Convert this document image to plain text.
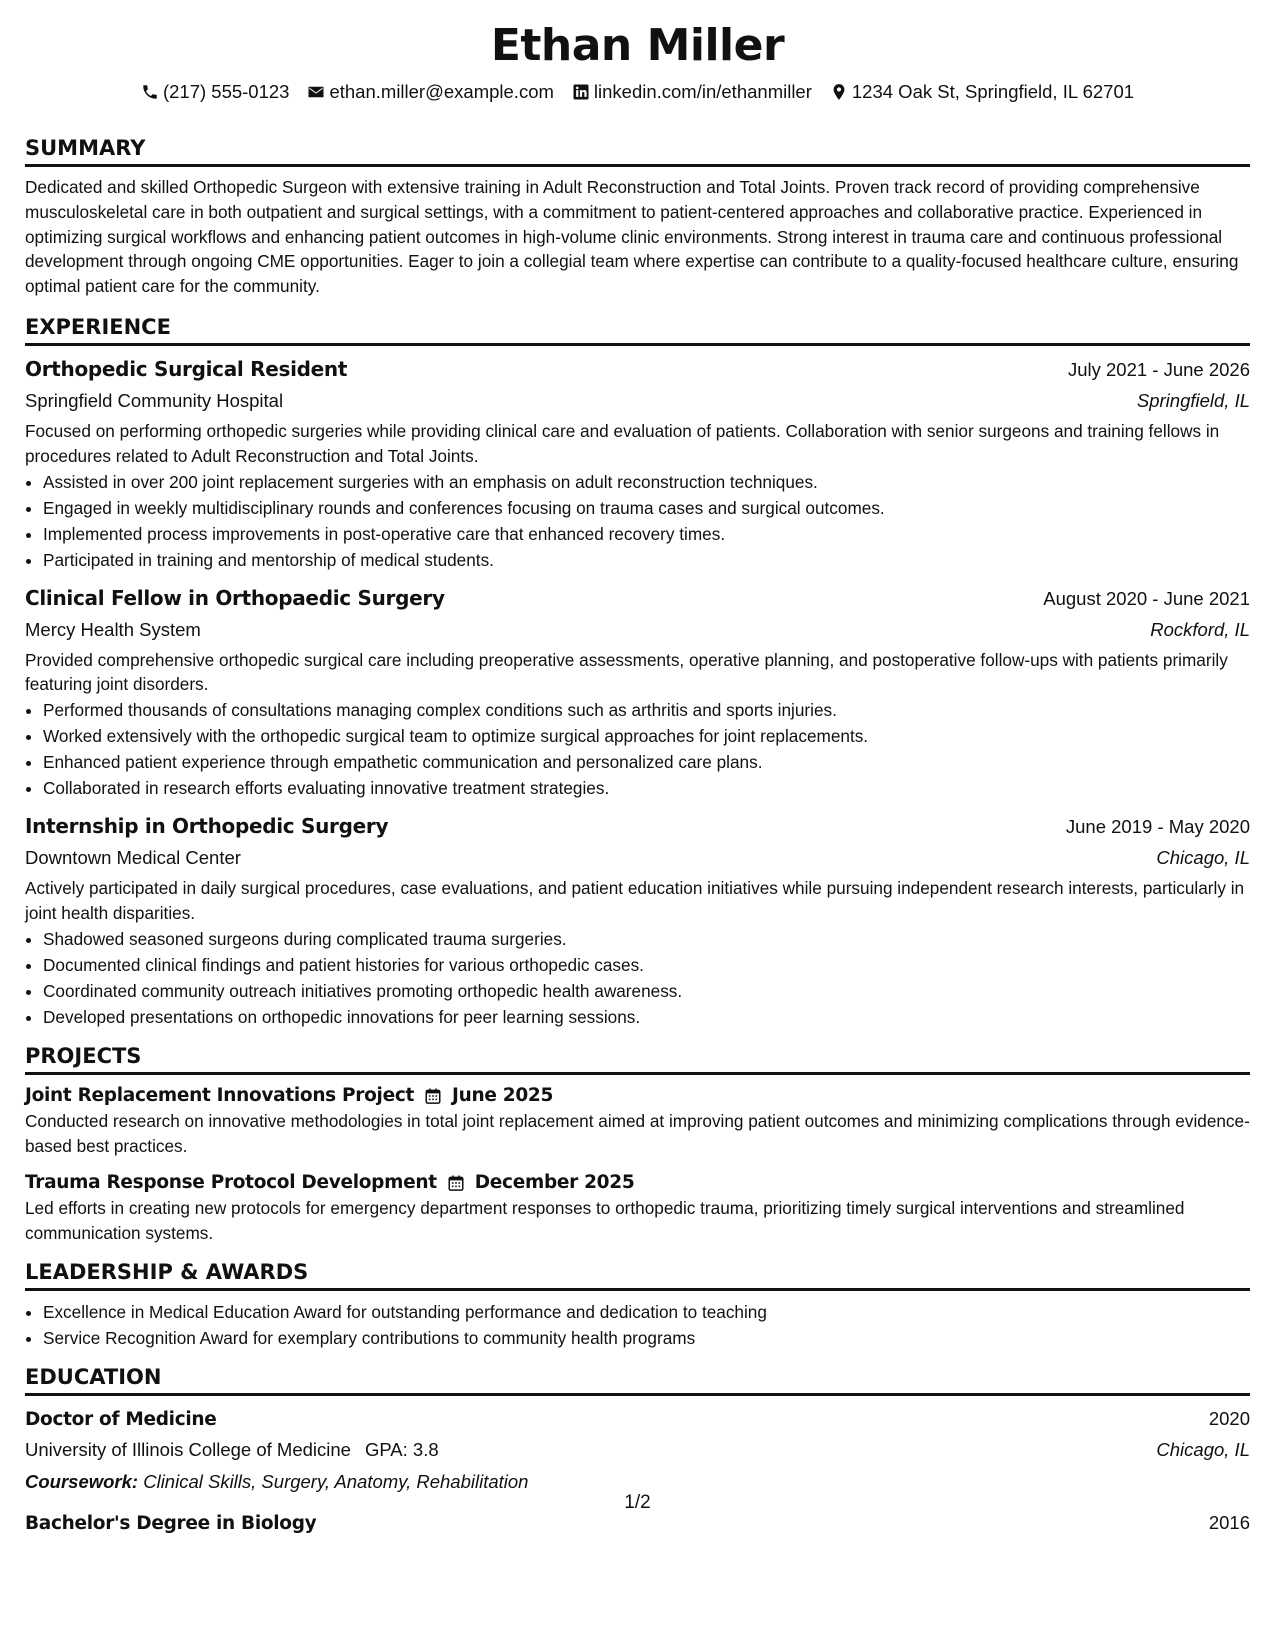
Ethan Miller
(217) 555-0123 ethan.miller@example.com linkedin.com/in/ethanmiller 1234 Oak St, Springfield, IL 62701
SUMMARY

Dedicated and skilled Orthopedic Surgeon with extensive training in Adult Reconstruction and Total Joints. Proven track record of providing comprehensive musculoskeletal care in both outpatient and surgical settings, with a commitment to patient-centered approaches and collaborative practice. Experienced in optimizing surgical workflows and enhancing patient outcomes in high-volume clinic environments. Strong interest in trauma care and continuous professional development through ongoing CME opportunities. Eager to join a collegial team where expertise can contribute to a quality-focused healthcare culture, ensuring optimal patient care for the community.

EXPERIENCE
Orthopedic Surgical Resident	July 2021 - June 2026
Springfield Community Hospital	Springfield, IL

Focused on performing orthopedic surgeries while providing clinical care and evaluation of patients. Collaboration with senior surgeons and training fellows in procedures related to Adult Reconstruction and Total Joints.

• Assisted in over 200 joint replacement surgeries with an emphasis on adult reconstruction techniques.
• Engaged in weekly multidisciplinary rounds and conferences focusing on trauma cases and surgical outcomes.
• Implemented process improvements in post-operative care that enhanced recovery times.
• Participated in training and mentorship of medical students.
Clinical Fellow in Orthopaedic Surgery	August 2020 - June 2021
Mercy Health System	Rockford, IL

Provided comprehensive orthopedic surgical care including preoperative assessments, operative planning, and postoperative follow-ups with patients primarily featuring joint disorders.

• Performed thousands of consultations managing complex conditions such as arthritis and sports injuries.
• Worked extensively with the orthopedic surgical team to optimize surgical approaches for joint replacements.
• Enhanced patient experience through empathetic communication and personalized care plans.
• Collaborated in research efforts evaluating innovative treatment strategies.
Internship in Orthopedic Surgery	June 2019 - May 2020
Downtown Medical Center	Chicago, IL

Actively participated in daily surgical procedures, case evaluations, and patient education initiatives while pursuing independent research interests, particularly in joint health disparities.

• Shadowed seasoned surgeons during complicated trauma surgeries.
• Documented clinical findings and patient histories for various orthopedic cases.
• Coordinated community outreach initiatives promoting orthopedic health awareness.
• Developed presentations on orthopedic innovations for peer learning sessions.
PROJECTS
Joint Replacement Innovations Project June 2025

Conducted research on innovative methodologies in total joint replacement aimed at improving patient outcomes and minimizing complications through evidence-based best practices.

Trauma Response Protocol Development December 2025

Led efforts in creating new protocols for emergency department responses to orthopedic trauma, prioritizing timely surgical interventions and streamlined communication systems.

LEADERSHIP & AWARDS
• Excellence in Medical Education Award for outstanding performance and dedication to teaching
• Service Recognition Award for exemplary contributions to community health programs
EDUCATION
Doctor of Medicine	2020
University of Illinois College of Medicine GPA: 3.8	Chicago, IL
Coursework: Clinical Skills, Surgery, Anatomy, Rehabilitation
Bachelor's Degree in Biology	2016
1/2
